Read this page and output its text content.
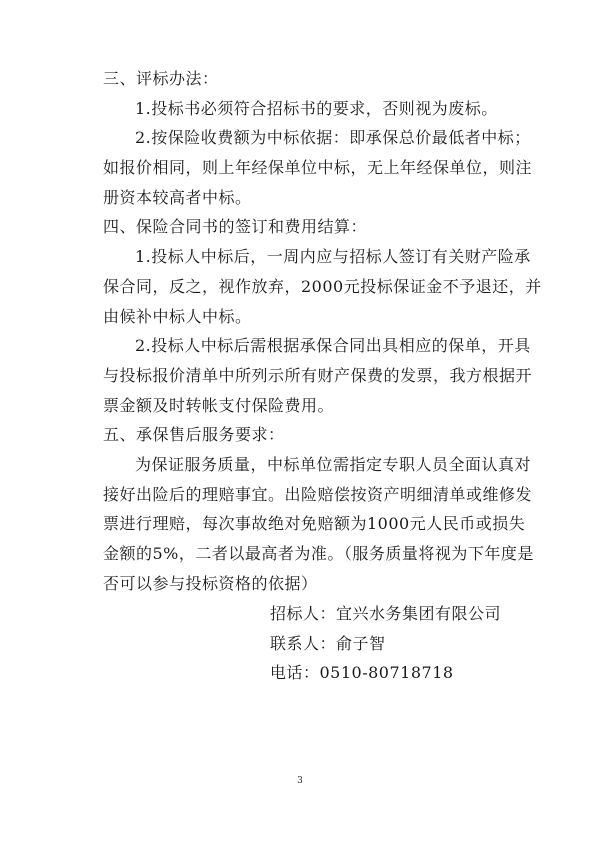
三、评标办法：
1.投标书必须符合招标书的要求，否则视为废标。
2.按保险收费额为中标依据：即承保总价最低者中标；
如报价相同，则上年经保单位中标，无上年经保单位，则注
册资本较高者中标。
四、保险合同书的签订和费用结算：
1.投标人中标后，一周内应与招标人签订有关财产险承
保合同，反之，视作放弃，2000元投标保证金不予退还，并
由候补中标人中标。
2.投标人中标后需根据承保合同出具相应的保单，开具
与投标报价清单中所列示所有财产保费的发票，我方根据开
票金额及时转帐支付保险费用。
五、承保售后服务要求：
为保证服务质量，中标单位需指定专职人员全面认真对
接好出险后的理赔事宜。出险赔偿按资产明细清单或维修发
票进行理赔，每次事故绝对免赔额为1000元人民币或损失
金额的5%，二者以最高者为准。（服务质量将视为下年度是
否可以参与投标资格的依据）
招标人：宜兴水务集团有限公司
联系人：俞子智
电话：0510-80718718
3
